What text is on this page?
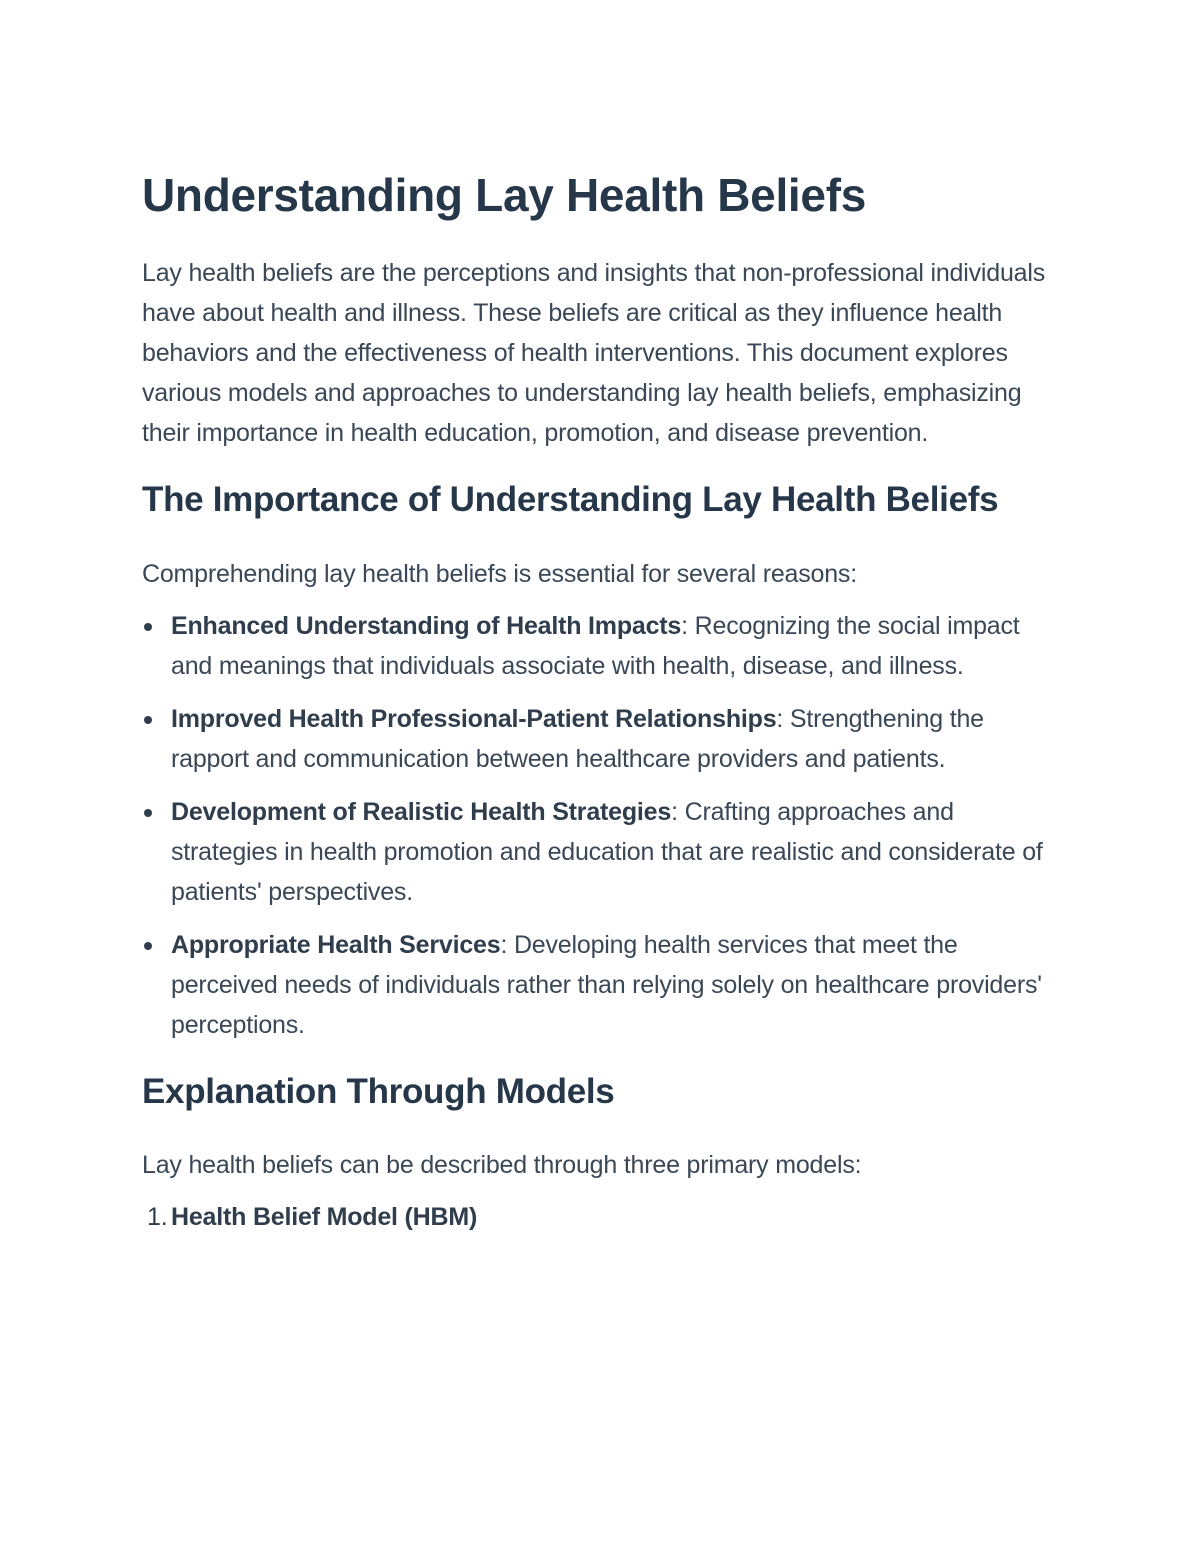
Understanding Lay Health Beliefs

Lay health beliefs are the perceptions and insights that non-professional individuals have about health and illness. These beliefs are critical as they influence health behaviors and the effectiveness of health interventions. This document explores various models and approaches to understanding lay health beliefs, emphasizing their importance in health education, promotion, and disease prevention.

The Importance of Understanding Lay Health Beliefs

Comprehending lay health beliefs is essential for several reasons:

Enhanced Understanding of Health Impacts: Recognizing the social impact and meanings that individuals associate with health, disease, and illness.
Improved Health Professional-Patient Relationships: Strengthening the rapport and communication between healthcare providers and patients.
Development of Realistic Health Strategies: Crafting approaches and strategies in health promotion and education that are realistic and considerate of patients' perspectives.
Appropriate Health Services: Developing health services that meet the perceived needs of individuals rather than relying solely on healthcare providers' perceptions.
Explanation Through Models

Lay health beliefs can be described through three primary models:

1. Health Belief Model (HBM)
